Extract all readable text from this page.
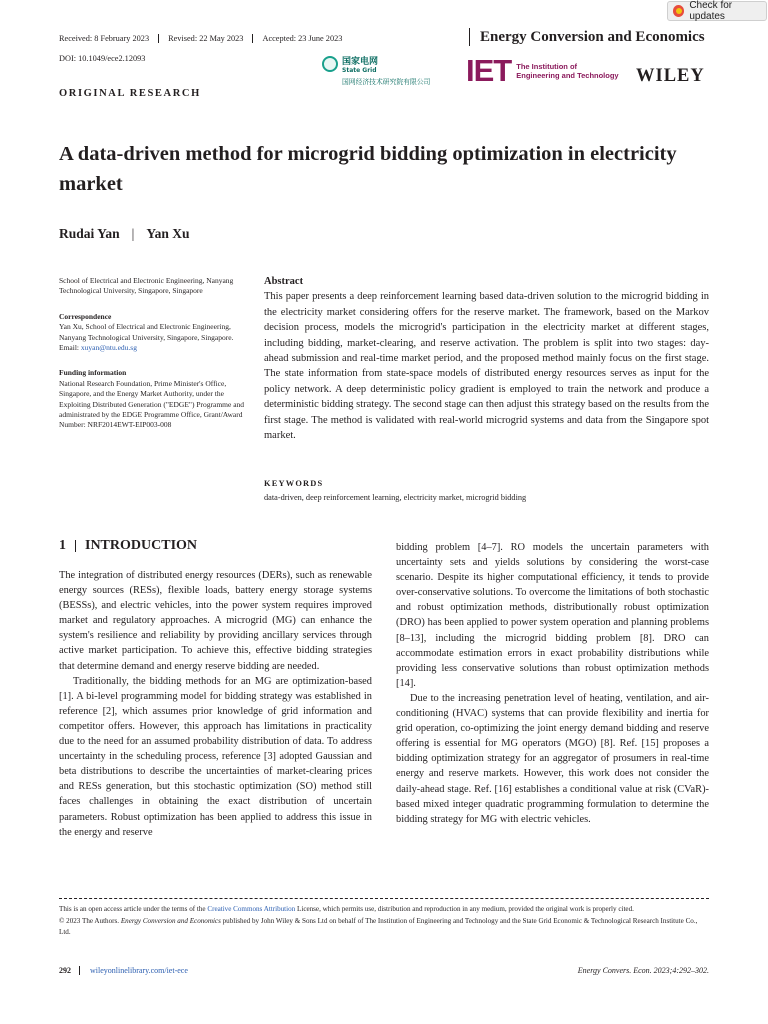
Check for updates
Received: 8 February 2023	Revised: 22 May 2023	Accepted: 23 June 2023	Energy Conversion and Economics
DOI: 10.1049/ece2.12093
ORIGINAL RESEARCH
国家电网
State Grid
国网经济技术研究院有限公司 IET The Institution of
Engineering and Technology WILEY
A data-driven method for microgrid bidding optimization in electricity market
Rudai Yan | Yan Xu
School of Electrical and Electronic Engineering, Nanyang Technological University, Singapore, Singapore
Correspondence
Yan Xu, School of Electrical and Electronic Engineering, Nanyang Technological University, Singapore, Singapore.
Email: xuyan@ntu.edu.sg
Funding information
National Research Foundation, Prime Minister's Office, Singapore, and the Energy Market Authority, under the Exploiting Distributed Generation ("EDGE") Programme and administrated by the EDGE Programme Office, Grant/Award Number: NRF2014EWT-EIP003-008
Abstract
This paper presents a deep reinforcement learning based data-driven solution to the microgrid bidding in the electricity market considering offers for the reserve market. The framework, based on the Markov decision process, models the microgrid's participation in the electricity market at different stages, including bidding, market-clearing, and reserve activation. The problem is split into two stages: day-ahead submission and real-time market period, and the proposed method mainly focus on the first stage. The state information from state-space models of distributed energy resources serves as input for the policy network. A deep deterministic policy gradient is employed to train the network and produce a deterministic bidding strategy. The second stage can then adjust this strategy based on the results from the first stage. The method is validated with real-world microgrid systems and data from the Singapore spot market.
KEYWORDS
data-driven, deep reinforcement learning, electricity market, microgrid bidding
1 INTRODUCTION

The integration of distributed energy resources (DERs), such as renewable energy sources (RESs), flexible loads, battery energy storage systems (BESSs), and electric vehicles, into the power system requires improved market and regulatory approaches. A microgrid (MG) can enhance the system's resilience and reliability by providing ancillary services through active market participation. To achieve this, effective bidding strategies that determine demand and energy reserve bidding are needed.

Traditionally, the bidding methods for an MG are optimization-based [1]. A bi-level programming model for bidding strategy was established in reference [2], which assumes prior knowledge of grid information and competitor offers. However, this approach has limitations in practicality due to the need for an assumed probability distribution of data. To address uncertainty in the scheduling process, reference [3] adopted Gaussian and beta distributions to describe the uncertainties of market-clearing prices and RESs generation, but this stochastic optimization (SO) method still faces challenges in obtaining the exact distribution of uncertain parameters. Robust optimization has been applied to address this issue in the energy and reserve

bidding problem [4–7]. RO models the uncertain parameters with uncertainty sets and yields solutions by considering the worst-case scenario. Despite its higher computational efficiency, it tends to provide over-conservative solutions. To overcome the limitations of both stochastic and robust optimization methods, distributionally robust optimization (DRO) has been applied to power system operation and planning problems [8–13], including the microgrid bidding problem [8]. DRO can accommodate estimation errors in exact probability distributions while providing less conservative solutions than robust optimization methods [14].

Due to the increasing penetration level of heating, ventilation, and air-conditioning (HVAC) systems that can provide flexibility and inertia for grid operation, co-optimizing the joint energy demand bidding and reserve offering is essential for MG operators (MGO) [8]. Ref. [15] proposes a bidding optimization strategy for an aggregator of prosumers in real-time energy and reserve markets. However, this work does not consider the daily-ahead stage. Ref. [16] establishes a conditional value at risk (CVaR)-based mixed integer quadratic programming formulation to determine the bidding strategy for MG with electric vehicles.

This is an open access article under the terms of the Creative Commons Attribution License, which permits use, distribution and reproduction in any medium, provided the original work is properly cited.
© 2023 The Authors. Energy Conversion and Economics published by John Wiley & Sons Ltd on behalf of The Institution of Engineering and Technology and the State Grid Economic & Technological Research Institute Co., Ltd.
292	wileyonlinelibrary.com/iet-ece	Energy Convers. Econ. 2023;4:292–302.
